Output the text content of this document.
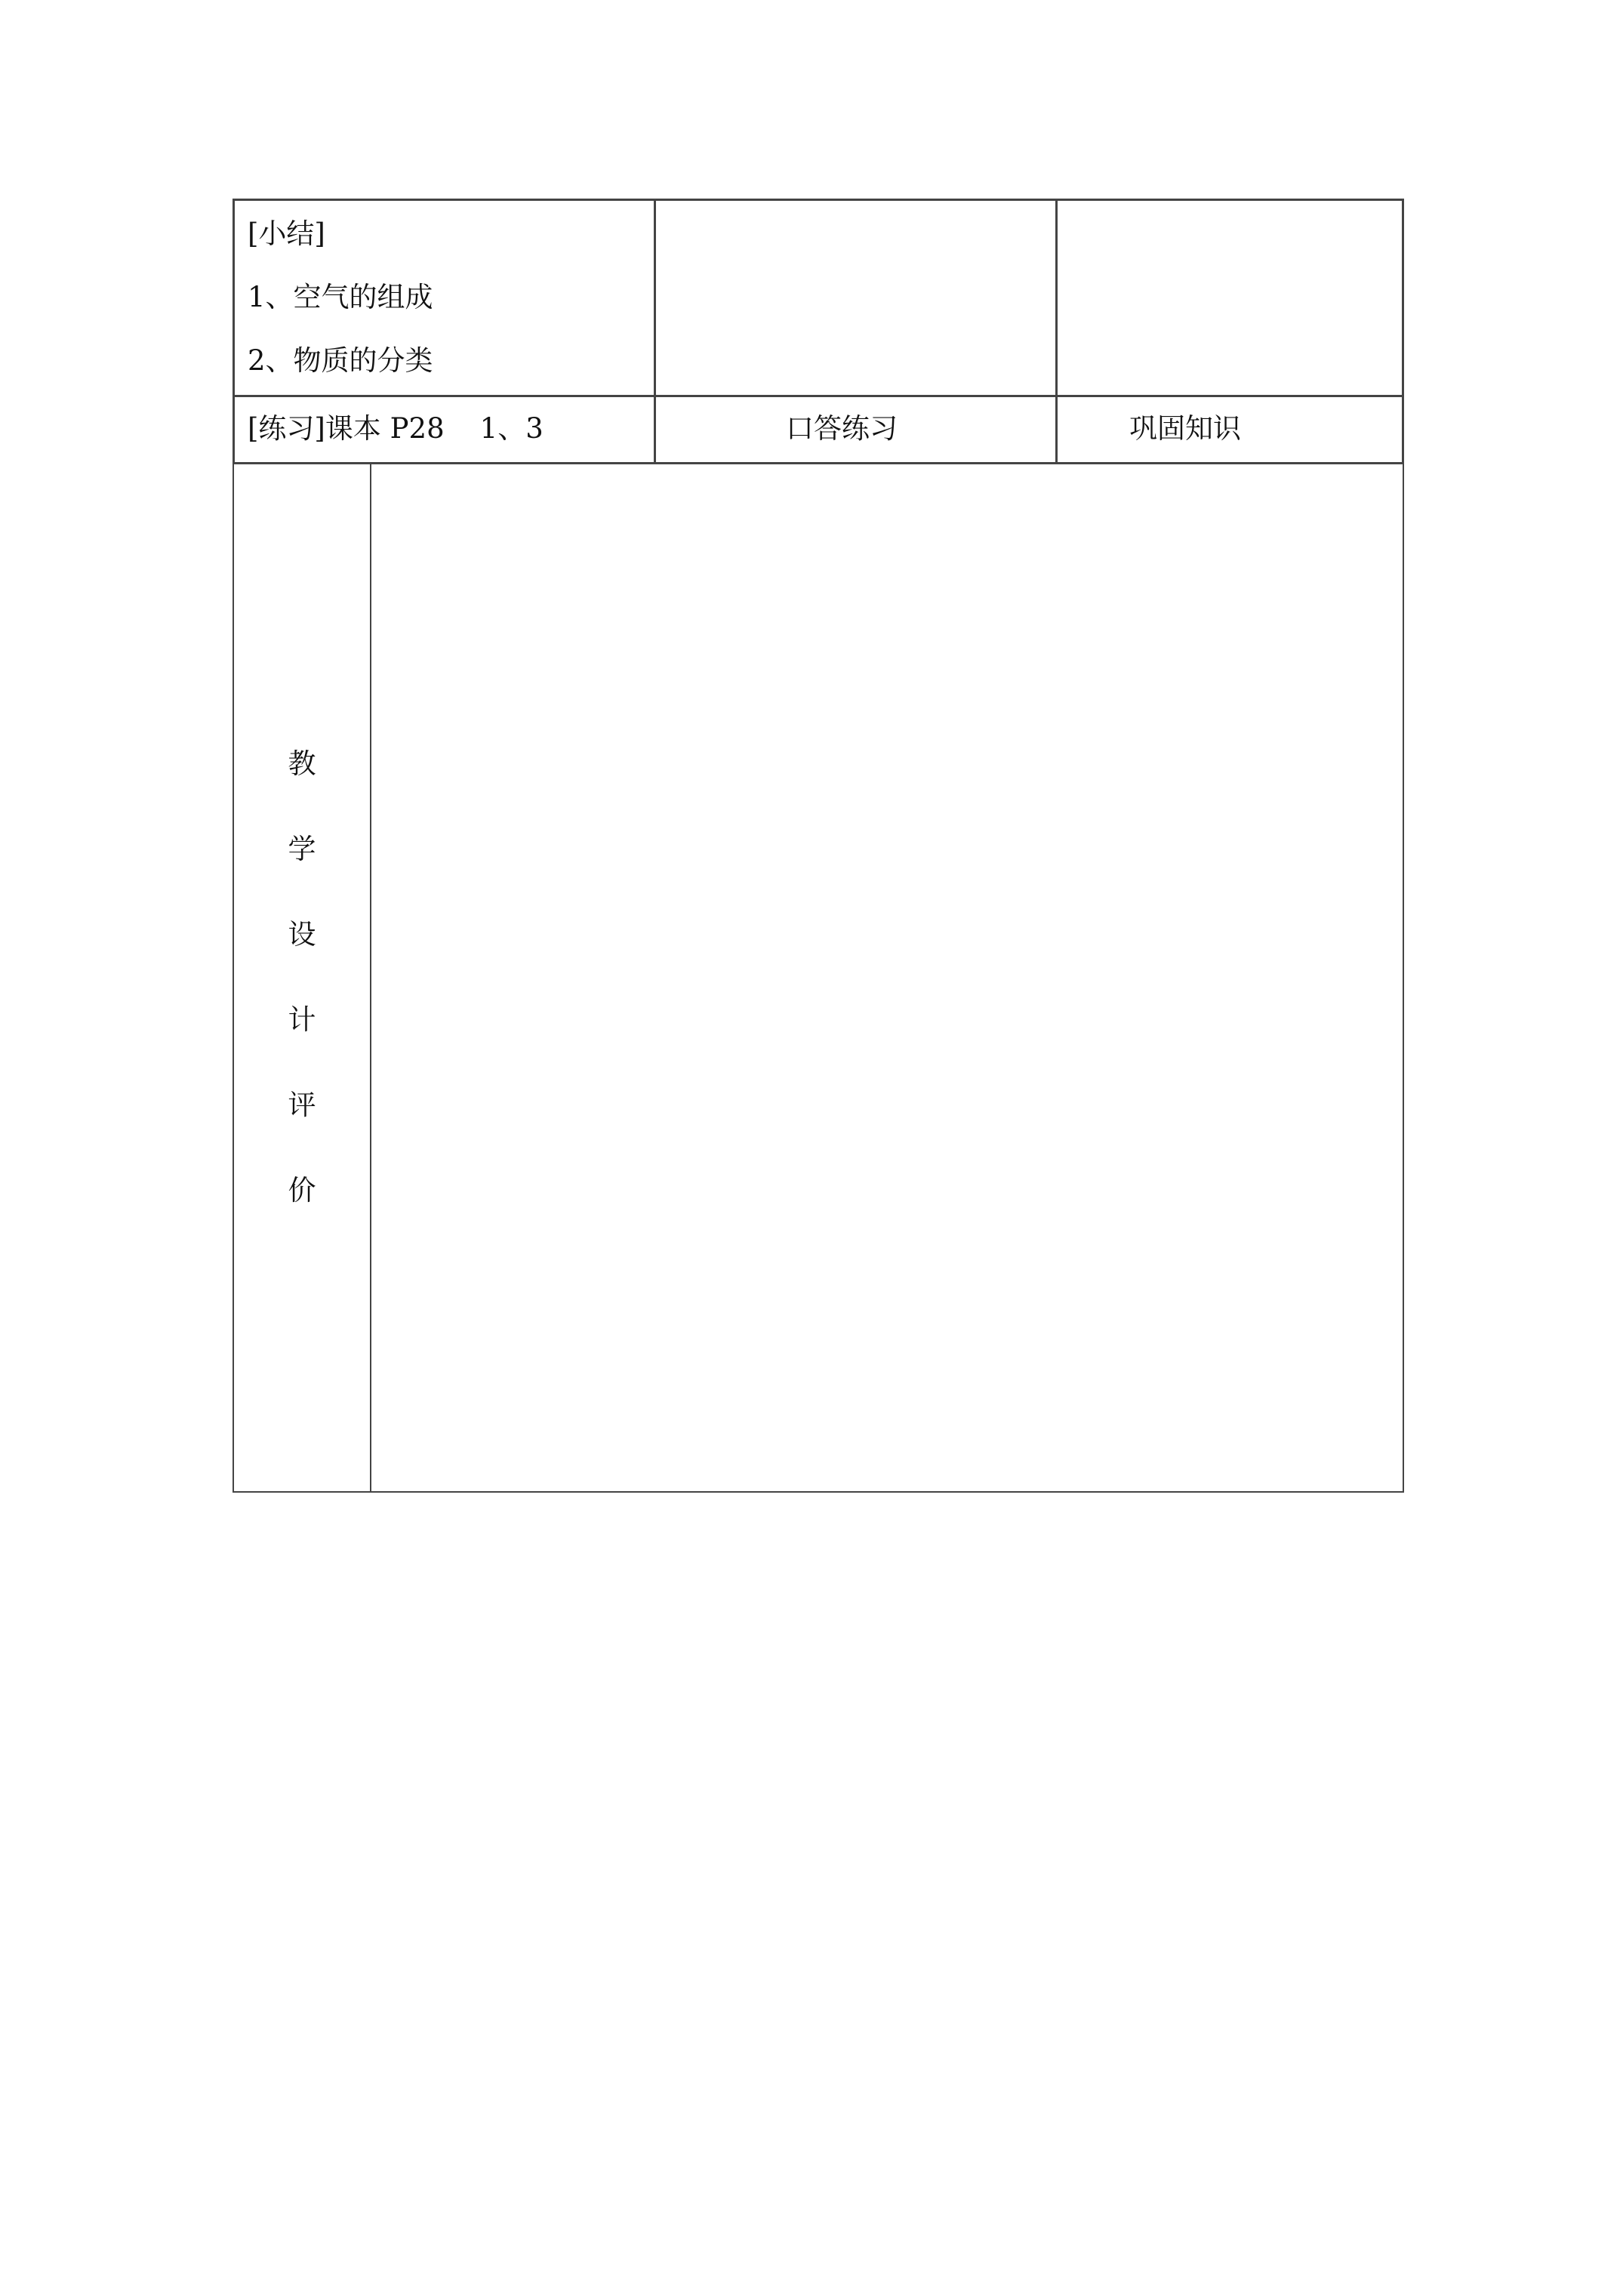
[小结]
1、空气的组成
2、物质的分类
[练习]课本 P28    1、3	口答练习	巩固知识
教
学
设
计
评
价
